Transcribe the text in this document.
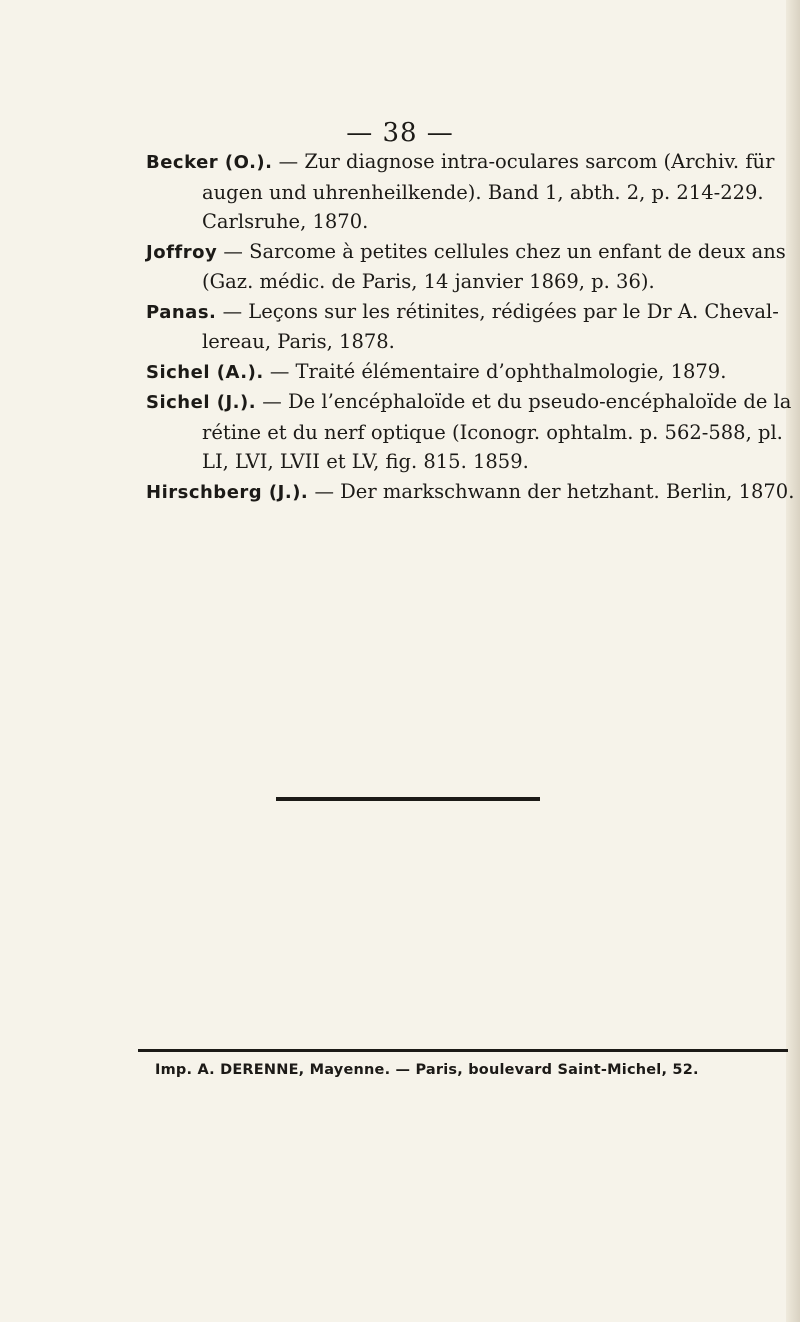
— 38 —

Becker (O.). — Zur diagnose intra-oculares sarcom (Archiv. für augen und uhrenheilkende). Band 1, abth. 2, p. 214-229. Carlsruhe, 1870.

Joffroy — Sarcome à petites cellules chez un enfant de deux ans (Gaz. médic. de Paris, 14 janvier 1869, p. 36).

Panas. — Leçons sur les rétinites, rédigées par le Dr A. Cheval-lereau, Paris, 1878.

Sichel (A.). — Traité élémentaire d’ophthalmologie, 1879.

Sichel (J.). — De l’encéphaloïde et du pseudo-encéphaloïde de la rétine et du nerf optique (Iconogr. ophtalm. p. 562-588, pl. LI, LVI, LVII et LV, fig. 815. 1859.

Hirschberg (J.). — Der markschwann der hetzhant. Berlin, 1870.

Imp. A. DERENNE, Mayenne. — Paris, boulevard Saint-Michel, 52.
